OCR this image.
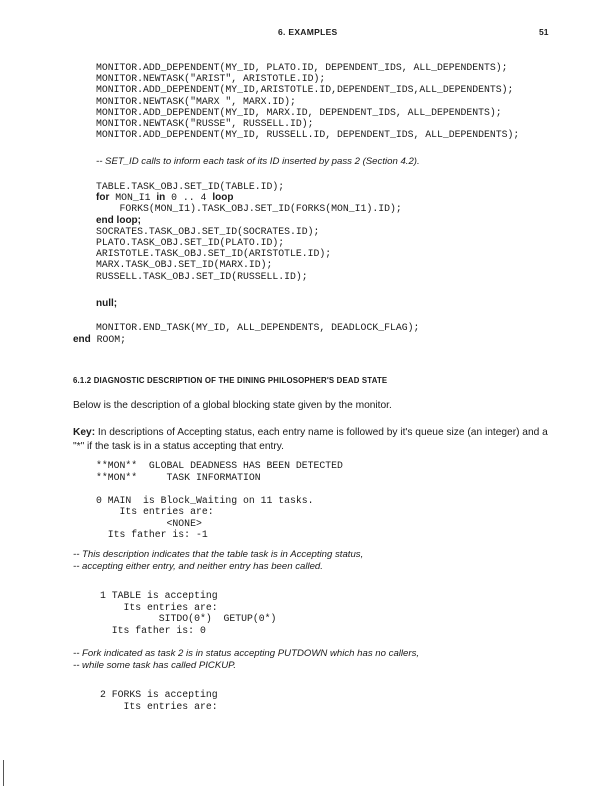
6. EXAMPLES	51
MONITOR.ADD_DEPENDENT(MY_ID, PLATO.ID, DEPENDENT_IDS, ALL_DEPENDENTS);
MONITOR.NEWTASK("ARIST", ARISTOTLE.ID);
MONITOR.ADD_DEPENDENT(MY_ID,ARISTOTLE.ID,DEPENDENT_IDS,ALL_DEPENDENTS);
MONITOR.NEWTASK("MARX ", MARX.ID);
MONITOR.ADD_DEPENDENT(MY_ID, MARX.ID, DEPENDENT_IDS, ALL_DEPENDENTS);
MONITOR.NEWTASK("RUSSE", RUSSELL.ID);
MONITOR.ADD_DEPENDENT(MY_ID, RUSSELL.ID, DEPENDENT_IDS, ALL_DEPENDENTS);
-- SET_ID calls to inform each task of its ID inserted by pass 2 (Section 4.2).
TABLE.TASK_OBJ.SET_ID(TABLE.ID);
for MON_I1 in 0 .. 4 loop
FORKS(MON_I1).TASK_OBJ.SET_ID(FORKS(MON_I1).ID);
end loop;
SOCRATES.TASK_OBJ.SET_ID(SOCRATES.ID);
PLATO.TASK_OBJ.SET_ID(PLATO.ID);
ARISTOTLE.TASK_OBJ.SET_ID(ARISTOTLE.ID);
MARX.TASK_OBJ.SET_ID(MARX.ID);
RUSSELL.TASK_OBJ.SET_ID(RUSSELL.ID);
null;
MONITOR.END_TASK(MY_ID, ALL_DEPENDENTS, DEADLOCK_FLAG);
end ROOM;
6.1.2 DIAGNOSTIC DESCRIPTION OF THE DINING PHILOSOPHER'S DEAD STATE

Below is the description of a global blocking state given by the monitor.

Key: In descriptions of Accepting status, each entry name is followed by it's queue size (an integer) and a "*" if the task is in a status accepting that entry.

**MON**  GLOBAL DEADNESS HAS BEEN DETECTED
**MON**     TASK INFORMATION

0 MAIN  is Block_Waiting on 11 tasks.
Its entries are:
<NONE>
Its father is: -1
-- This description indicates that the table task is in Accepting status,
-- accepting either entry, and neither entry has been called.
1 TABLE is accepting
Its entries are:
SITDO(0*)  GETUP(0*)
Its father is: 0
-- Fork indicated as task 2 is in status accepting PUTDOWN which has no callers,
-- while some task has called PICKUP.
2 FORKS is accepting
Its entries are:
